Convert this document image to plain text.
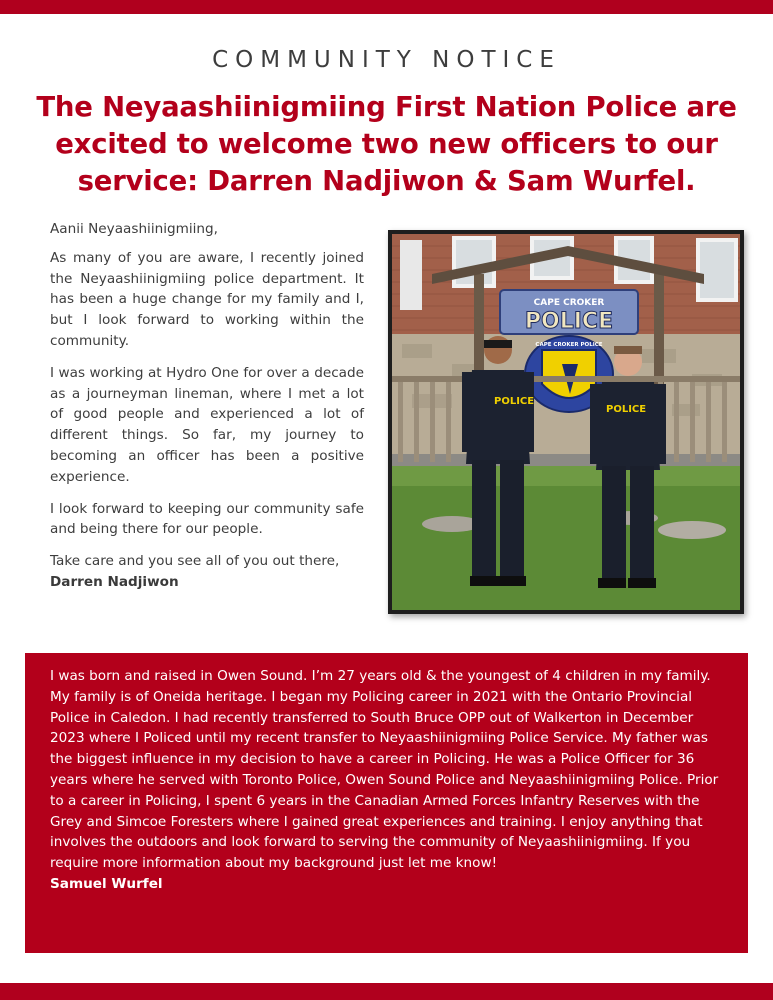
COMMUNITY NOTICE
The Neyaashiinigmiing First Nation Police are excited to welcome two new officers to our service: Darren Nadjiwon & Sam Wurfel.

Aanii Neyaashiinigmiing,

As many of you are aware, I recently joined the Neyaashiinigmiing police department. It has been a huge change for my family and I, but I look forward to working within the community.

I was working at Hydro One for over a decade as a journeyman lineman, where I met a lot of good people and experienced a lot of different things. So far, my journey to becoming an officer has been a positive experience.

I look forward to keeping our community safe and being there for our people.

Take care and you see all of you out there,
Darren Nadjiwon

CAPE CROKER
POLICE
CAPE CROKER POLICE
POLICE
POLICE

I was born and raised in Owen Sound. I’m 27 years old & the youngest of 4 children in my family. My family is of Oneida heritage. I began my Policing career in 2021 with the Ontario Provincial Police in Caledon. I had recently transferred to South Bruce OPP out of Walkerton in December 2023 where I Policed until my recent transfer to Neyaashiinigmiing Police Service. My father was the biggest influence in my decision to have a career in Policing. He was a Police Officer for 36 years where he served with Toronto Police, Owen Sound Police and Neyaashiinigmiing Police. Prior to a career in Policing, I spent 6 years in the Canadian Armed Forces Infantry Reserves with the Grey and Simcoe Foresters where I gained great experiences and training. I enjoy anything that involves the outdoors and look forward to serving the community of Neyaashiinigmiing. If you require more information about my background just let me know!
Samuel Wurfel
